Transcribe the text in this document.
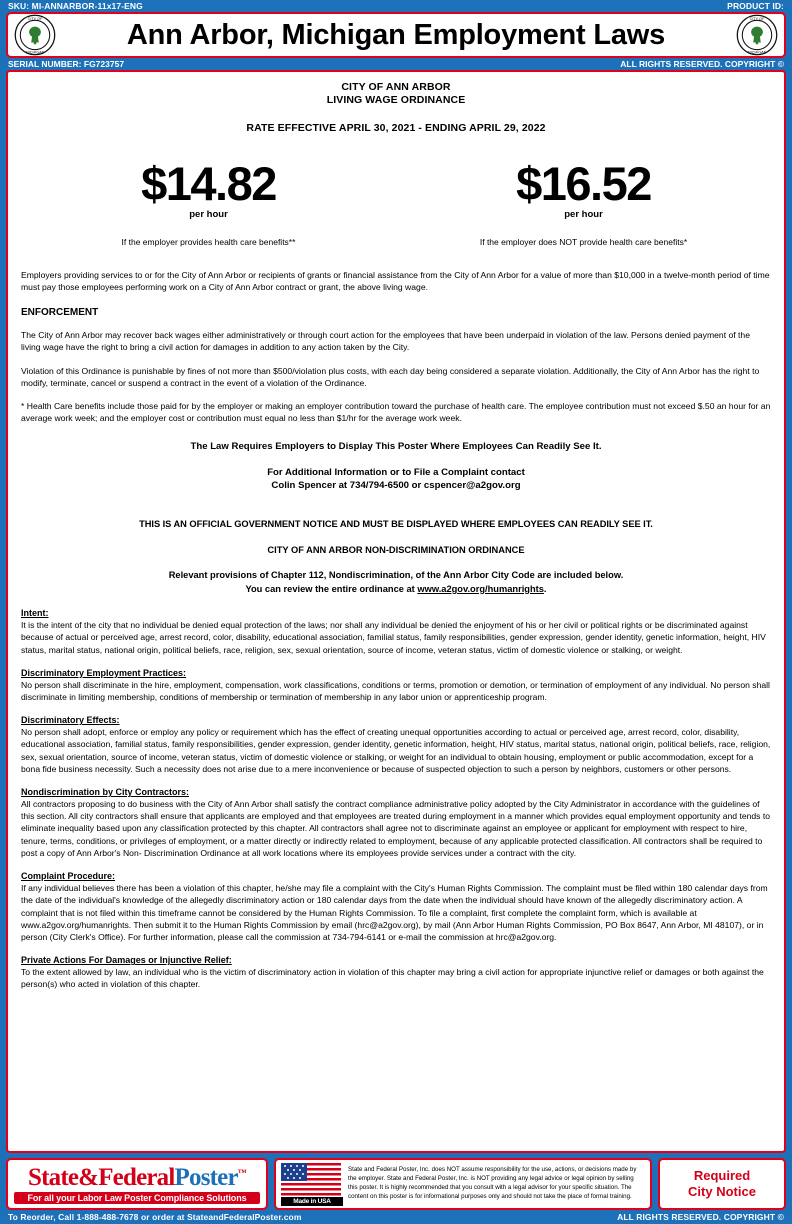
SKU: MI-ANNARBOR-11x17-ENG	PRODUCT ID:
CITY OF
MICHIGAN
Ann Arbor, Michigan Employment Laws	CITY OF
MICHIGAN
SERIAL NUMBER: FG723757	ALL RIGHTS RESERVED. COPYRIGHT ©
CITY OF ANN ARBOR
LIVING WAGE ORDINANCE
RATE EFFECTIVE APRIL 30, 2021 - ENDING APRIL 29, 2022
$14.82
per hour
If the employer provides health care benefits**
$16.52
per hour
If the employer does NOT provide health care benefits*
Employers providing services to or for the City of Ann Arbor or recipients of grants or financial assistance from the City of Ann Arbor for a value of more than $10,000 in a twelve-month period of time must pay those employees performing work on a City of Ann Arbor contract or grant, the above living wage.
ENFORCEMENT
The City of Ann Arbor may recover back wages either administratively or through court action for the employees that have been underpaid in violation of the law. Persons denied payment of the living wage have the right to bring a civil action for damages in addition to any action taken by the City.
Violation of this Ordinance is punishable by fines of not more than $500/violation plus costs, with each day being considered a separate violation. Additionally, the City of Ann Arbor has the right to modify, terminate, cancel or suspend a contract in the event of a violation of the Ordinance.
* Health Care benefits include those paid for by the employer or making an employer contribution toward the purchase of health care. The employee contribution must not exceed $.50 an hour for an average work week; and the employer cost or contribution must equal no less than $1/hr for the average work week.
The Law Requires Employers to Display This Poster Where Employees Can Readily See It.
For Additional Information or to File a Complaint contact
Colin Spencer at 734/794-6500 or cspencer@a2gov.org
THIS IS AN OFFICIAL GOVERNMENT NOTICE AND MUST BE DISPLAYED WHERE EMPLOYEES CAN READILY SEE IT.
CITY OF ANN ARBOR NON-DISCRIMINATION ORDINANCE
Relevant provisions of Chapter 112, Nondiscrimination, of the Ann Arbor City Code are included below.
You can review the entire ordinance at www.a2gov.org/humanrights.
Intent:
It is the intent of the city that no individual be denied equal protection of the laws; nor shall any individual be denied the enjoyment of his or her civil or political rights or be discriminated against because of actual or perceived age, arrest record, color, disability, educational association, familial status, family responsibilities, gender expression, gender identity, genetic information, height, HIV status, marital status, national origin, political beliefs, race, religion, sex, sexual orientation, source of income, veteran status, victim of domestic violence or stalking, or weight.
Discriminatory Employment Practices:
No person shall discriminate in the hire, employment, compensation, work classifications, conditions or terms, promotion or demotion, or termination of employment of any individual. No person shall discriminate in limiting membership, conditions of membership or termination of membership in any labor union or apprenticeship program.
Discriminatory Effects:
No person shall adopt, enforce or employ any policy or requirement which has the effect of creating unequal opportunities according to actual or perceived age, arrest record, color, disability, educational association, familial status, family responsibilities, gender expression, gender identity, genetic information, height, HIV status, marital status, national origin, political beliefs, race, religion, sex, sexual orientation, source of income, veteran status, victim of domestic violence or stalking, or weight for an individual to obtain housing, employment or public accommodation, except for a bona fide business necessity. Such a necessity does not arise due to a mere inconvenience or because of suspected objection to such a person by neighbors, customers or other persons.
Nondiscrimination by City Contractors:
All contractors proposing to do business with the City of Ann Arbor shall satisfy the contract compliance administrative policy adopted by the City Administrator in accordance with the guidelines of this section. All city contractors shall ensure that applicants are employed and that employees are treated during employment in a manner which provides equal employment opportunity and tends to eliminate inequality based upon any classification protected by this chapter. All contractors shall agree not to discriminate against an employee or applicant for employment with respect to hire, tenure, terms, conditions, or privileges of employment, or a matter directly or indirectly related to employment, because of any applicable protected classification. All contractors shall be required to post a copy of Ann Arbor's Non- Discrimination Ordinance at all work locations where its employees provide services under a contract with the city.
Complaint Procedure:
If any individual believes there has been a violation of this chapter, he/she may file a complaint with the City's Human Rights Commission. The complaint must be filed within 180 calendar days from the date of the individual's knowledge of the allegedly discriminatory action or 180 calendar days from the date when the individual should have known of the allegedly discriminatory action. A complaint that is not filed within this timeframe cannot be considered by the Human Rights Commission. To file a complaint, first complete the complaint form, which is available at www.a2gov.org/humanrights. Then submit it to the Human Rights Commission by email (hrc@a2gov.org), by mail (Ann Arbor Human Rights Commission, PO Box 8647, Ann Arbor, MI 48107), or in person (City Clerk's Office). For further information, please call the commission at 734-794-6141 or e-mail the commission at hrc@a2gov.org.
Private Actions For Damages or Injunctive Relief:
To the extent allowed by law, an individual who is the victim of discriminatory action in violation of this chapter may bring a civil action for appropriate injunctive relief or damages or both against the person(s) who acted in violation of this chapter.
State&FederalPoster™
For all your Labor Law Poster Compliance Solutions	Made in USA
State and Federal Poster, Inc. does NOT assume responsibility for the use, actions, or decisions made by the employer. State and Federal Poster, Inc. is NOT providing any legal advice or legal opinion by selling this poster. It is highly recommended that you consult with a legal advisor for your specific situation. The content on this poster is for informational purposes only and should not take the place of formal training.
Required
City Notice
To Reorder, Call 1-888-488-7678 or order at StateandFederalPoster.com	ALL RIGHTS RESERVED. COPYRIGHT ©
